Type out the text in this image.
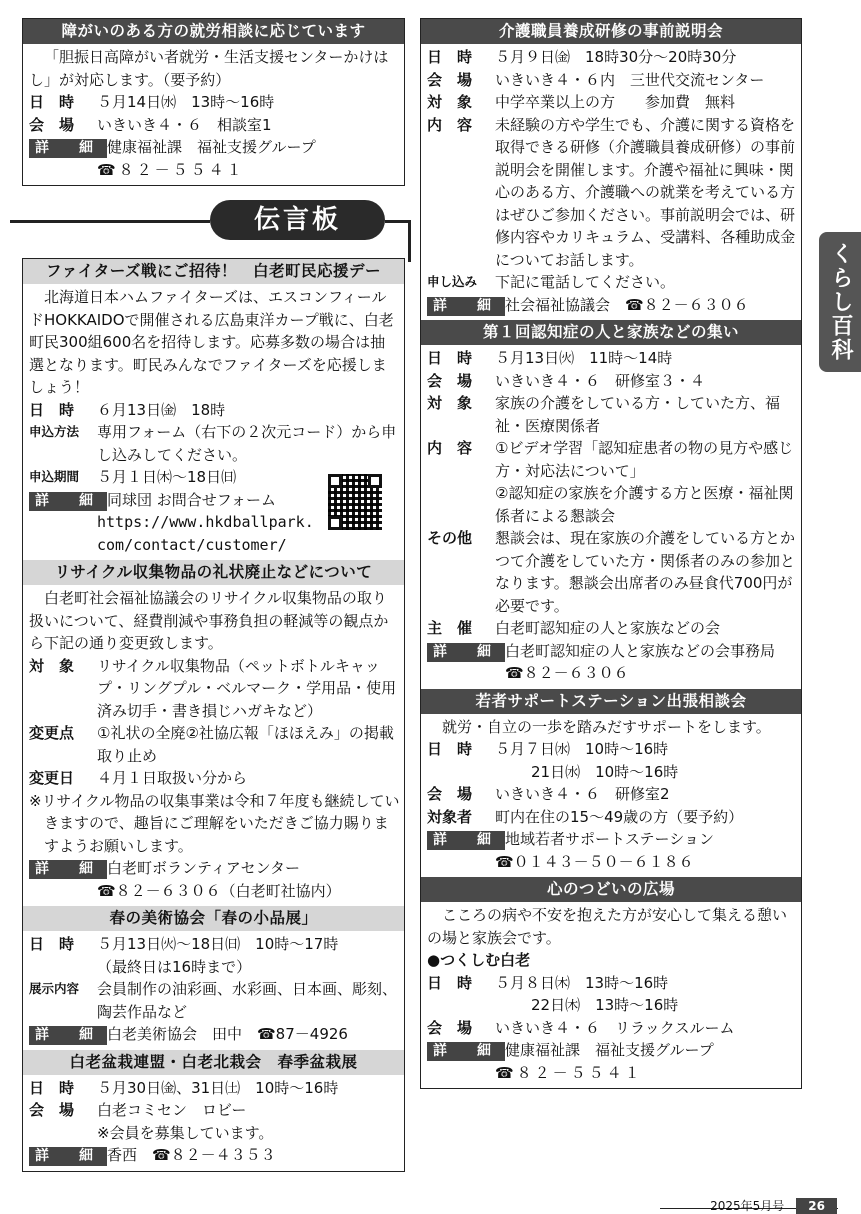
障がいのある方の就労相談に応じています
「胆振日高障がい者就労・生活支援センターかけはし」が対応します。（要予約）
日　時	５月14日㈬　13時～16時
会　場	いきいき４・６　相談室1
詳　細 健康福祉課　福祉支援グループ
☎８２－５５４１
ファイターズ戦にご招待！　白老町民応援デー
北海道日本ハムファイターズは、エスコンフィールドHOKKAIDOで開催される広島東洋カープ戦に、白老町民300組600名を招待します。応募多数の場合は抽選となります。町民みんなでファイターズを応援しましょう！
日　時	６月13日㈮　18時
申込方法	専用フォーム（右下の２次元コード）から申し込みしてください。
申込期間	５月１日㈭～18日㈰
詳　細 同球団 お問合せフォーム
https://www.hkdballpark.
com/contact/customer/
リサイクル収集物品の礼状廃止などについて
白老町社会福祉協議会のリサイクル収集物品の取り扱いについて、経費削減や事務負担の軽減等の観点から下記の通り変更致します。
対　象	リサイクル収集物品（ペットボトルキャップ・リングプル・ベルマーク・学用品・使用済み切手・書き損じハガキなど）
変更点	①礼状の全廃②社協広報「ほほえみ」の掲載取り止め
変更日	４月１日取扱い分から
※リサイクル物品の収集事業は令和７年度も継続していきますので、趣旨にご理解をいただきご協力賜りますようお願いします。
詳　細 白老町ボランティアセンター
☎８２－６３０６（白老町社協内）
春の美術協会「春の小品展」
日　時	５月13日㈫～18日㈰　10時～17時
（最終日は16時まで）
展示内容	会員制作の油彩画、水彩画、日本画、彫刻、陶芸作品など
詳　細 白老美術協会　田中　☎87－4926
白老盆栽連盟・白老北栽会　春季盆栽展
日　時	５月30日㈮、31日㈯　10時～16時
会　場	白老コミセン　ロビー
※会員を募集しています。
詳　細 香西　☎８２－４３５３
伝言板
介護職員養成研修の事前説明会
日　時	５月９日㈮　18時30分～20時30分
会　場	いきいき４・６内　三世代交流センター
対　象	中学卒業以上の方　　参加費　無料
内　容	未経験の方や学生でも、介護に関する資格を取得できる研修（介護職員養成研修）の事前説明会を開催します。介護や福祉に興味・関心のある方、介護職への就業を考えている方はぜひご参加ください。事前説明会では、研修内容やカリキュラム、受講料、各種助成金についてお話します。
申し込み	下記に電話してください。
詳　細 社会福祉協議会　☎８２－６３０６
第１回認知症の人と家族などの集い
日　時	５月13日㈫　11時～14時
会　場	いきいき４・６　研修室３・４
対　象	家族の介護をしている方・していた方、福祉・医療関係者
内　容	①ビデオ学習「認知症患者の物の見方や感じ方・対応法について」
②認知症の家族を介護する方と医療・福祉関係者による懇談会
その他	懇談会は、現在家族の介護をしている方とかつて介護をしていた方・関係者のみの参加となります。懇談会出席者のみ昼食代700円が必要です。
主　催	白老町認知症の人と家族などの会
詳　細 白老町認知症の人と家族などの会事務局　☎８２－６３０６
若者サポートステーション出張相談会
就労・自立の一歩を踏みだすサポートをします。
日　時	５月７日㈬　10時～16時
21日㈬　10時～16時
会　場	いきいき４・６　研修室2
対象者	町内在住の15～49歳の方（要予約）
詳　細 地域若者サポートステーション
☎０１４３－５０－６１８６
心のつどいの広場
こころの病や不安を抱えた方が安心して集える憩いの場と家族会です。
●つくしむ白老
日　時	５月８日㈭　13時～16時
22日㈭　13時～16時
会　場	いきいき４・６　リラックスルーム
詳　細 健康福祉課　福祉支援グループ
☎８２－５５４１
くらし百科
2025年5月号 26
